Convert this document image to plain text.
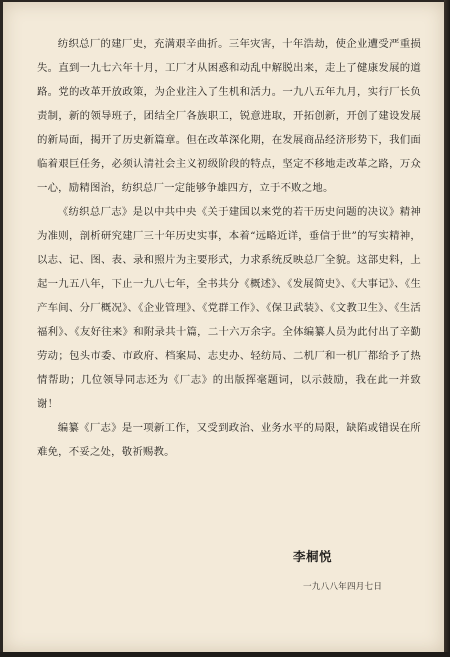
纺织总厂的建厂史，充满艰辛曲折。三年灾害，十年浩劫，使企业遭受严重损失。直到一九七六年十月，工厂才从困惑和动乱中解脱出来，走上了健康发展的道路。党的改革开放政策，为企业注入了生机和活力。一九八五年九月，实行厂长负责制，新的领导班子，团结全厂各族职工，锐意进取，开拓创新，开创了建设发展的新局面，揭开了历史新篇章。但在改革深化期，在发展商品经济形势下，我们面临着艰巨任务，必须认清社会主义初级阶段的特点，坚定不移地走改革之路，万众一心，励精图治，纺织总厂一定能够争雄四方，立于不败之地。

《纺织总厂志》是以中共中央《关于建国以来党的若干历史问题的决议》精神为准则，剖析研究建厂三十年历史实事，本着“远略近详，垂信于世”的写实精神，以志、记、图、表、录和照片为主要形式，力求系统反映总厂全貌。这部史料，上起一九五八年，下止一九八七年，全书共分《概述》、《发展简史》、《大事记》、《生产车间、分厂概况》、《企业管理》、《党群工作》、《保卫武装》、《文教卫生》、《生活福利》、《友好往来》和附录共十篇，二十六万余字。全体编纂人员为此付出了辛勤劳动；包头市委、市政府、档案局、志史办、轻纺局、二机厂和一机厂都给予了热情帮助；几位领导同志还为《厂志》的出版挥毫题词，以示鼓励，我在此一并致谢！

编纂《厂志》是一项新工作，又受到政治、业务水平的局限，缺陷或错误在所难免，不妥之处，敬祈赐教。

李桐悦
一九八八年四月七日
